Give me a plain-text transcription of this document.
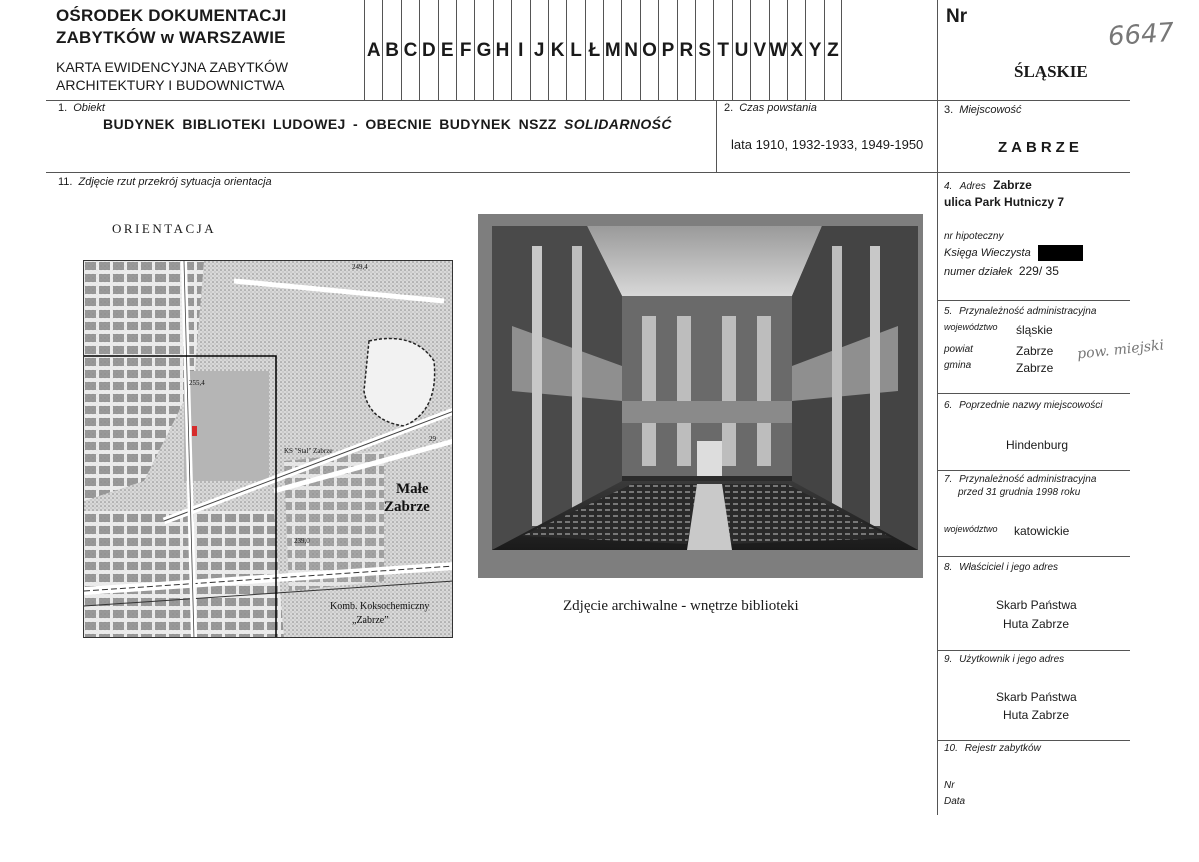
OŚRODEK DOKUMENTACJI
ZABYTKÓW w WARSZAWIE
KARTA EWIDENCYJNA ZABYTKÓW
ARCHITEKTURY I BUDOWNICTWA
A B C D E F G H I J K L Ł M N O P R S T U V W X Y Z
Nr
6647
ŚLĄSKIE
1. Obiekt
BUDYNEK BIBLIOTEKI LUDOWEJ - OBECNIE BUDYNEK NSZZ SOLIDARNOŚĆ
2. Czas powstania
lata 1910, 1932-1933, 1949-1950
3. Miejscowość
ZABRZE
11. Zdjęcie rzut przekrój sytuacja orientacja
ORIENTACJA
249,4
255,4
239,0
29
KS "Stal" Zabrze
Małe
Zabrze
Komb. Koksochemiczny
„Zabrze”
Zdjęcie archiwalne - wnętrze biblioteki
4. Adres Zabrze
ulica Park Hutniczy 7
nr hipoteczny
Księga Wieczysta
numer działek 229/ 35
5. Przynależność administracyjna
województwo śląskie
powiat	Zabrze
gmina	Zabrze
pow. miejski
6. Poprzednie nazwy miejscowości
Hindenburg
7. Przynależność administracyjna
przed 31 grudnia 1998 roku
województwo katowickie
8. Właściciel i jego adres
Skarb Państwa
Huta Zabrze
9. Użytkownik i jego adres
Skarb Państwa
Huta Zabrze
10. Rejestr zabytków
Nr
Data
